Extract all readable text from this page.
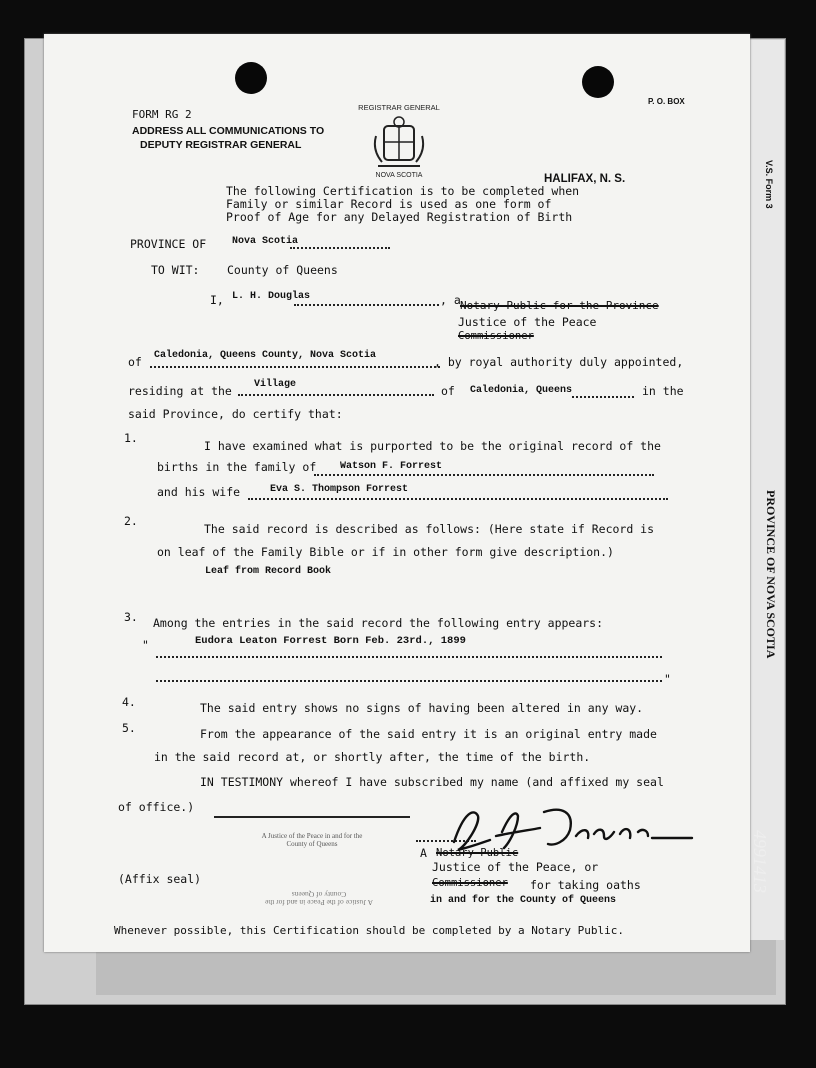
V.S. Form 3
PROVINCE OF NOVA SCOTIA
4991413
FORM RG 2
ADDRESS ALL COMMUNICATIONS TO
DEPUTY REGISTRAR GENERAL
P. O. BOX
HALIFAX, N. S.
REGISTRAR GENERAL
NOVA SCOTIA
The following Certification is to be completed when
Family or similar Record is used as one form of
Proof of Age for any Delayed Registration of Birth
PROVINCE OF	Nova Scotia
TO WIT: County of Queens
I, L. H. Douglas	, a Notary Public for the Province
Justice of the Peace
Commissioner
of Caledonia, Queens County, Nova Scotia	, by royal authority duly appointed,
residing at the Village	of Caledonia, Queens	in the
said Province, do certify that:
1.
I have examined what is purported to be the original record of the
births in the family of Watson F. Forrest
and his wife	Eva S. Thompson Forrest
2.
The said record is described as follows: (Here state if Record is
on leaf of the Family Bible or if in other form give description.)
Leaf from Record Book
3. Among the entries in the said record the following entry appears:
"	Eudora Leaton Forrest Born Feb. 23rd., 1899
"
4.	The said entry shows no signs of having been altered in any way.
5.	From the appearance of the said entry it is an original entry made
in the said record at, or shortly after, the time of the birth.
IN TESTIMONY whereof I have subscribed my name (and affixed my seal
of office.)
A Justice of the Peace in and for the
County of Queens
A Justice of the Peace in and for the
County of Queens
A Notary Public
Justice of the Peace, or
Commissioner for taking oaths
in and for the County of Queens
(Affix seal)
Whenever possible, this Certification should be completed by a Notary Public.
